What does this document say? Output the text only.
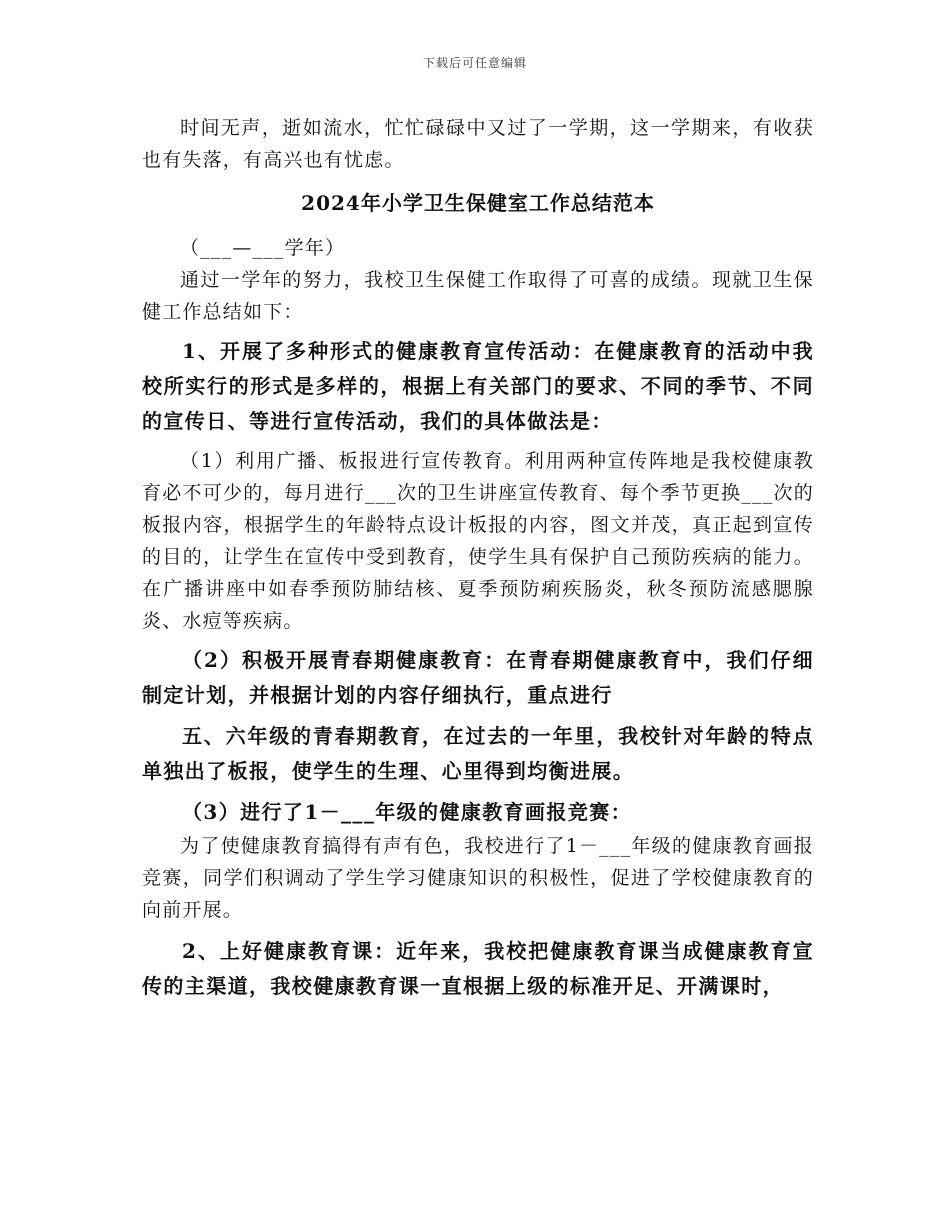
下载后可任意编辑

时间无声，逝如流水，忙忙碌碌中又过了一学期，这一学期来，有收获也有失落，有高兴也有忧虑。

2024年小学卫生保健室工作总结范本

（___—___学年）

通过一学年的努力，我校卫生保健工作取得了可喜的成绩。现就卫生保健工作总结如下：

1、开展了多种形式的健康教育宣传活动：在健康教育的活动中我校所实行的形式是多样的，根据上有关部门的要求、不同的季节、不同的宣传日、等进行宣传活动，我们的具体做法是：

（1）利用广播、板报进行宣传教育。利用两种宣传阵地是我校健康教育必不可少的，每月进行___次的卫生讲座宣传教育、每个季节更换___次的板报内容，根据学生的年龄特点设计板报的内容，图文并茂，真正起到宣传的目的，让学生在宣传中受到教育，使学生具有保护自己预防疾病的能力。在广播讲座中如春季预防肺结核、夏季预防痢疾肠炎，秋冬预防流感腮腺炎、水痘等疾病。

（2）积极开展青春期健康教育：在青春期健康教育中，我们仔细制定计划，并根据计划的内容仔细执行，重点进行

五、六年级的青春期教育，在过去的一年里，我校针对年龄的特点单独出了板报，使学生的生理、心里得到均衡进展。

（3）进行了1－___年级的健康教育画报竞赛：

为了使健康教育搞得有声有色，我校进行了1－___年级的健康教育画报竞赛，同学们积调动了学生学习健康知识的积极性，促进了学校健康教育的向前开展。

2、上好健康教育课：近年来，我校把健康教育课当成健康教育宣传的主渠道，我校健康教育课一直根据上级的标准开足、开满课时，
